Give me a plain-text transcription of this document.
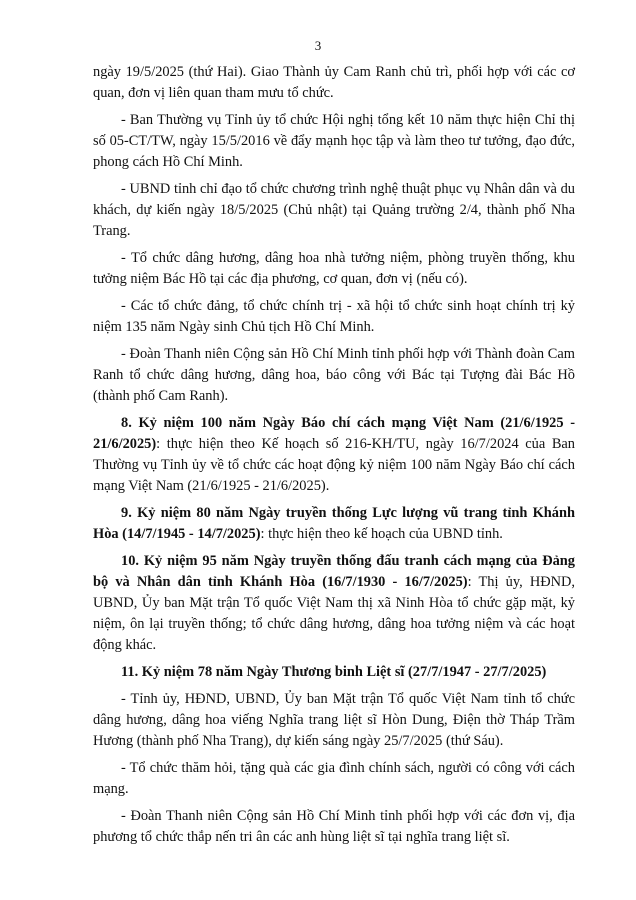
3

ngày 19/5/2025 (thứ Hai). Giao Thành ủy Cam Ranh chủ trì, phối hợp với các cơ quan, đơn vị liên quan tham mưu tổ chức.

- Ban Thường vụ Tỉnh ủy tổ chức Hội nghị tổng kết 10 năm thực hiện Chỉ thị số 05-CT/TW, ngày 15/5/2016 về đẩy mạnh học tập và làm theo tư tưởng, đạo đức, phong cách Hồ Chí Minh.

- UBND tỉnh chỉ đạo tổ chức chương trình nghệ thuật phục vụ Nhân dân và du khách, dự kiến ngày 18/5/2025 (Chủ nhật) tại Quảng trường 2/4, thành phố Nha Trang.

- Tổ chức dâng hương, dâng hoa nhà tưởng niệm, phòng truyền thống, khu tưởng niệm Bác Hồ tại các địa phương, cơ quan, đơn vị (nếu có).

- Các tổ chức đảng, tổ chức chính trị - xã hội tổ chức sinh hoạt chính trị kỷ niệm 135 năm Ngày sinh Chủ tịch Hồ Chí Minh.

- Đoàn Thanh niên Cộng sản Hồ Chí Minh tỉnh phối hợp với Thành đoàn Cam Ranh tổ chức dâng hương, dâng hoa, báo công với Bác tại Tượng đài Bác Hồ (thành phố Cam Ranh).

8. Kỷ niệm 100 năm Ngày Báo chí cách mạng Việt Nam (21/6/1925 - 21/6/2025): thực hiện theo Kế hoạch số 216-KH/TU, ngày 16/7/2024 của Ban Thường vụ Tỉnh ủy về tổ chức các hoạt động kỷ niệm 100 năm Ngày Báo chí cách mạng Việt Nam (21/6/1925 - 21/6/2025).

9. Kỷ niệm 80 năm Ngày truyền thống Lực lượng vũ trang tỉnh Khánh Hòa (14/7/1945 - 14/7/2025): thực hiện theo kế hoạch của UBND tỉnh.

10. Kỷ niệm 95 năm Ngày truyền thống đấu tranh cách mạng của Đảng bộ và Nhân dân tỉnh Khánh Hòa (16/7/1930 - 16/7/2025): Thị ủy, HĐND, UBND, Ủy ban Mặt trận Tổ quốc Việt Nam thị xã Ninh Hòa tổ chức gặp mặt, kỷ niệm, ôn lại truyền thống; tổ chức dâng hương, dâng hoa tưởng niệm và các hoạt động khác.

11. Kỷ niệm 78 năm Ngày Thương binh Liệt sĩ (27/7/1947 - 27/7/2025)

- Tỉnh ủy, HĐND, UBND, Ủy ban Mặt trận Tổ quốc Việt Nam tỉnh tổ chức dâng hương, dâng hoa viếng Nghĩa trang liệt sĩ Hòn Dung, Điện thờ Tháp Trầm Hương (thành phố Nha Trang), dự kiến sáng ngày 25/7/2025 (thứ Sáu).

- Tổ chức thăm hỏi, tặng quà các gia đình chính sách, người có công với cách mạng.

- Đoàn Thanh niên Cộng sản Hồ Chí Minh tỉnh phối hợp với các đơn vị, địa phương tổ chức thắp nến tri ân các anh hùng liệt sĩ tại nghĩa trang liệt sĩ.
